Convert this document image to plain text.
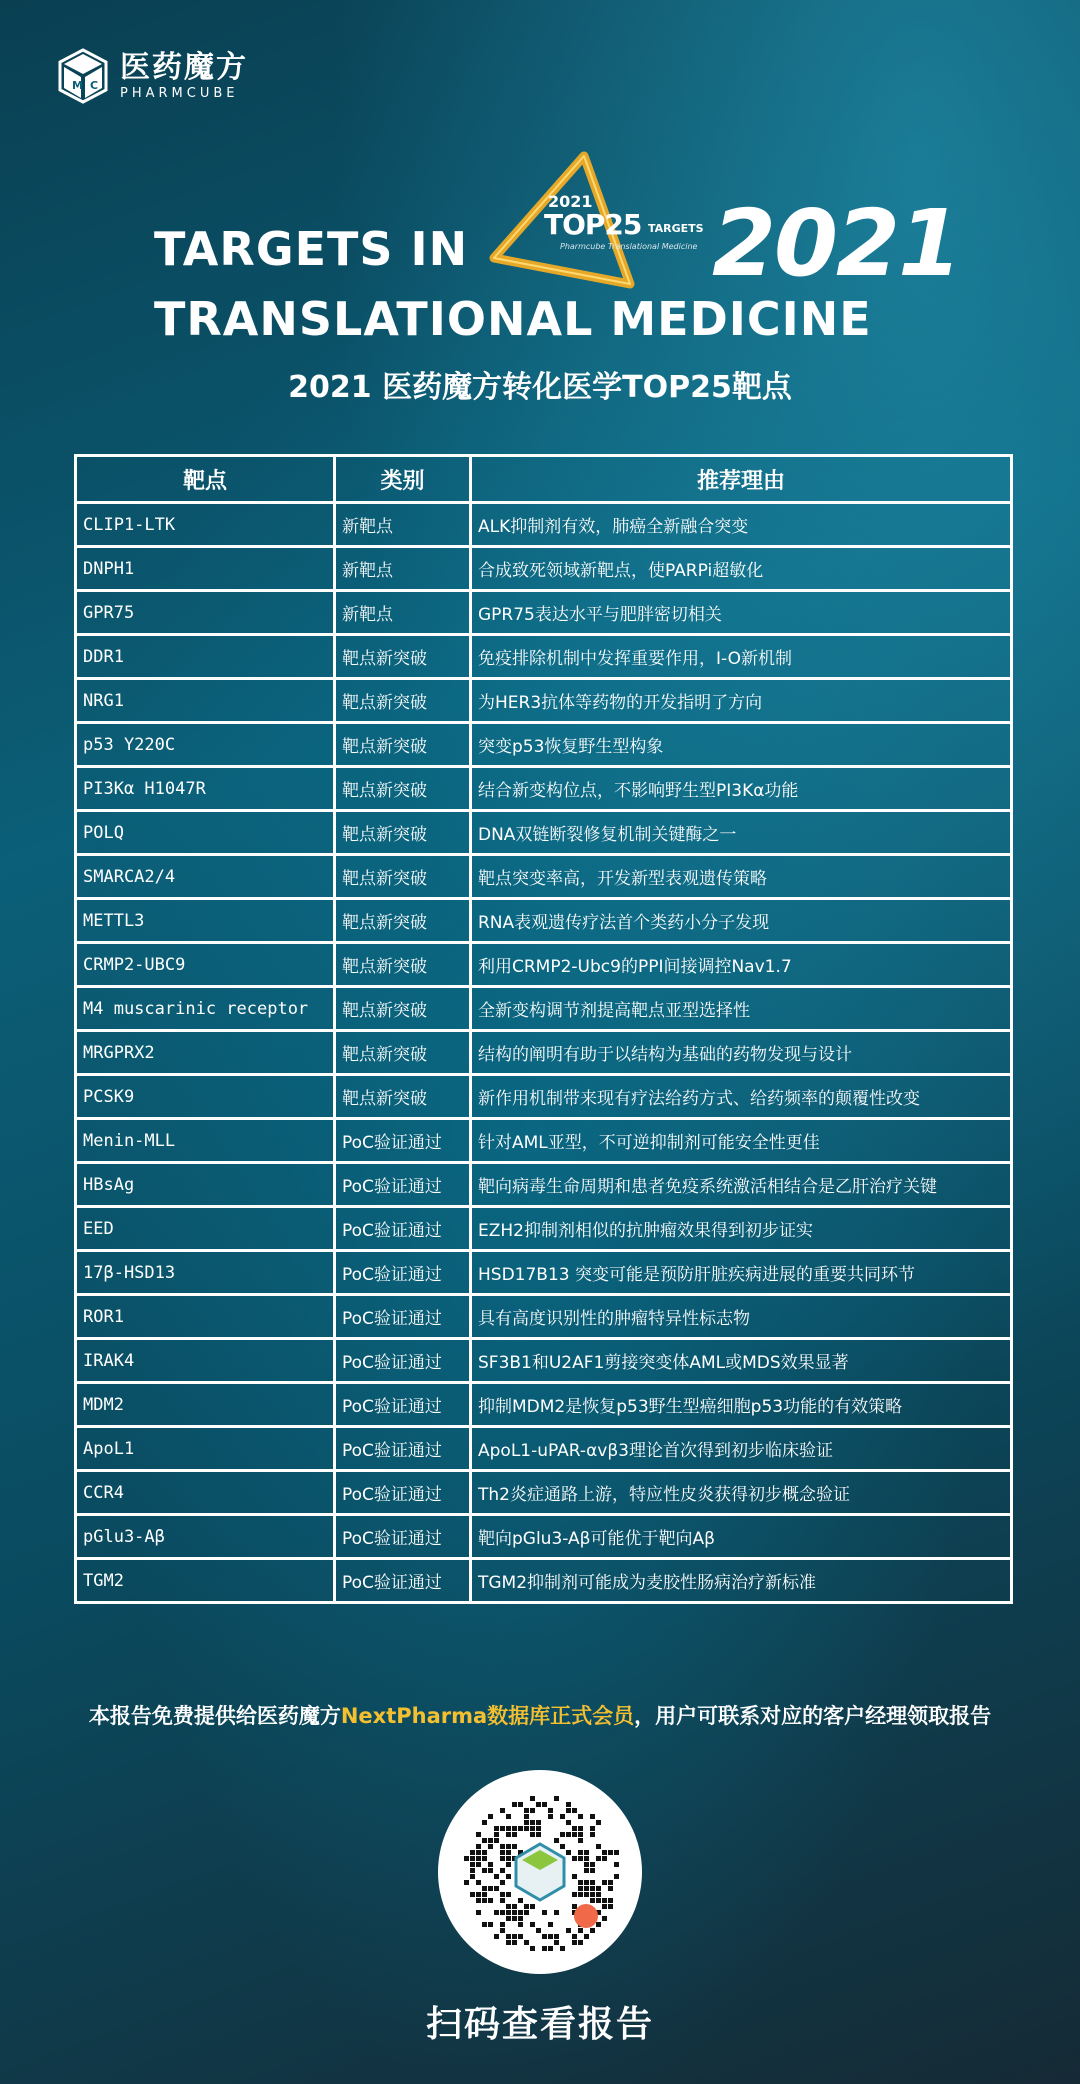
M C
医药魔方
PHARMCUBE
TARGETS IN
TRANSLATIONAL MEDICINE
2021
TOP25 TARGETS
Pharmcube Translational Medicine 2021
2021 医药魔方转化医学TOP25靶点
靶点	类别	推荐理由
CLIP1-LTK	新靶点	ALK抑制剂有效，肺癌全新融合突变
DNPH1	新靶点	合成致死领域新靶点，使PARPi超敏化
GPR75	新靶点	GPR75表达水平与肥胖密切相关
DDR1	靶点新突破	免疫排除机制中发挥重要作用，I-O新机制
NRG1	靶点新突破	为HER3抗体等药物的开发指明了方向
p53 Y220C	靶点新突破	突变p53恢复野生型构象
PI3Kα H1047R	靶点新突破	结合新变构位点，不影响野生型PI3Kα功能
POLQ	靶点新突破	DNA双链断裂修复机制关键酶之一
SMARCA2/4	靶点新突破	靶点突变率高，开发新型表观遗传策略
METTL3	靶点新突破	RNA表观遗传疗法首个类药小分子发现
CRMP2-UBC9	靶点新突破	利用CRMP2-Ubc9的PPI间接调控Nav1.7
M4 muscarinic receptor	靶点新突破	全新变构调节剂提高靶点亚型选择性
MRGPRX2	靶点新突破	结构的阐明有助于以结构为基础的药物发现与设计
PCSK9	靶点新突破	新作用机制带来现有疗法给药方式、给药频率的颠覆性改变
Menin-MLL	PoC验证通过	针对AML亚型，不可逆抑制剂可能安全性更佳
HBsAg	PoC验证通过	靶向病毒生命周期和患者免疫系统激活相结合是乙肝治疗关键
EED	PoC验证通过	EZH2抑制剂相似的抗肿瘤效果得到初步证实
17β-HSD13	PoC验证通过	HSD17B13 突变可能是预防肝脏疾病进展的重要共同环节
ROR1	PoC验证通过	具有高度识别性的肿瘤特异性标志物
IRAK4	PoC验证通过	SF3B1和U2AF1剪接突变体AML或MDS效果显著
MDM2	PoC验证通过	抑制MDM2是恢复p53野生型癌细胞p53功能的有效策略
ApoL1	PoC验证通过	ApoL1-uPAR-αvβ3理论首次得到初步临床验证
CCR4	PoC验证通过	Th2炎症通路上游，特应性皮炎获得初步概念验证
pGlu3-Aβ	PoC验证通过	靶向pGlu3-Aβ可能优于靶向Aβ
TGM2	PoC验证通过	TGM2抑制剂可能成为麦胶性肠病治疗新标准
本报告免费提供给医药魔方NextPharma数据库正式会员，用户可联系对应的客户经理领取报告
扫码查看报告
